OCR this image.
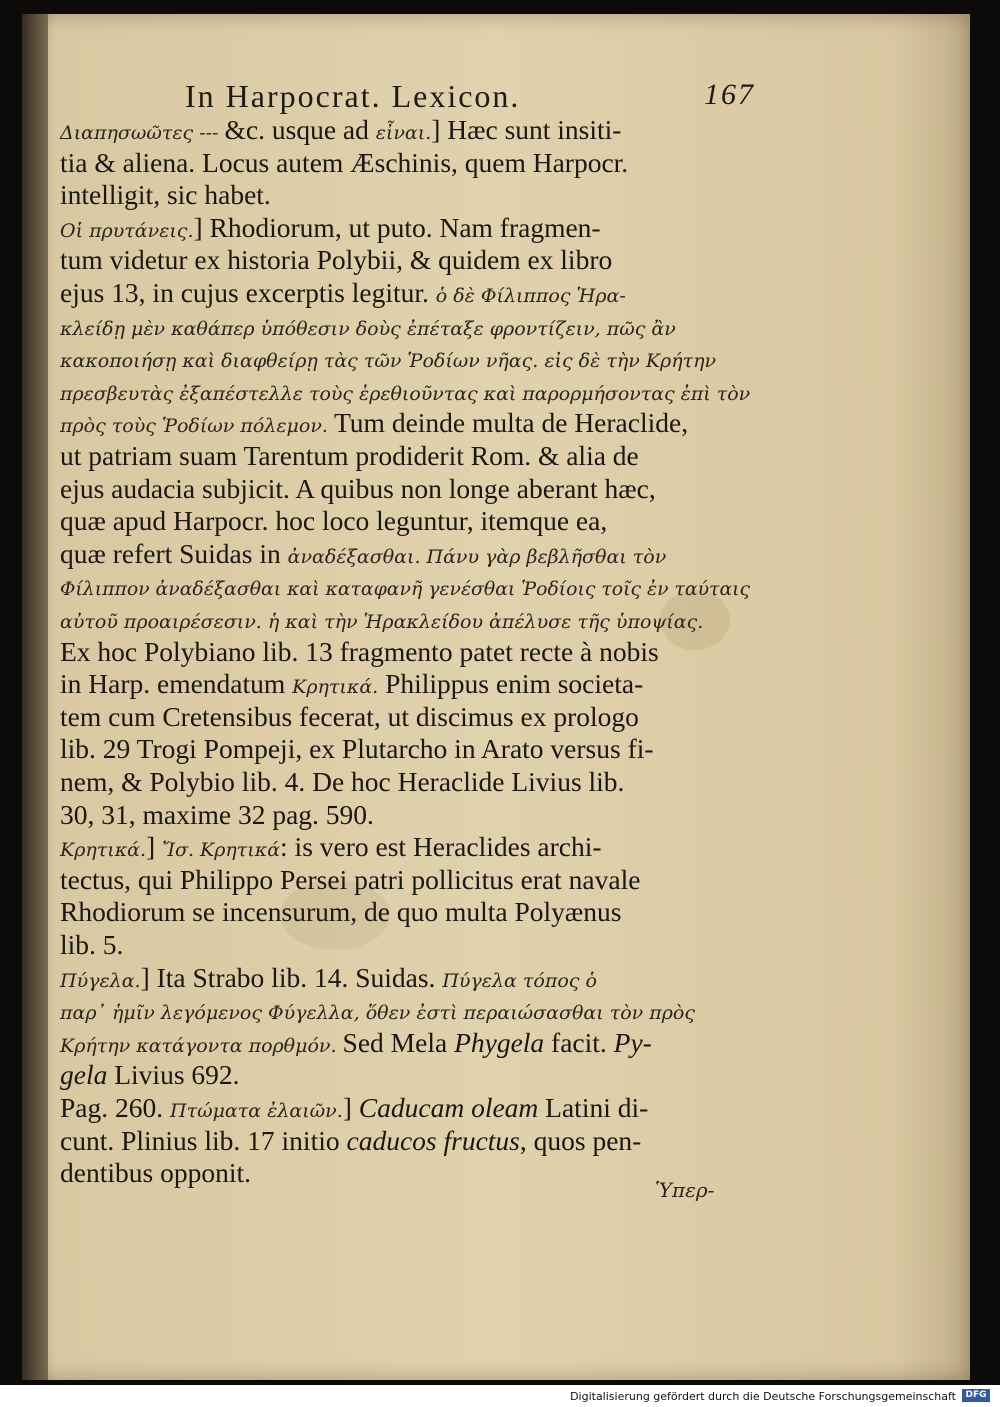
In Harpocrat. Lexicon.	167
Διαπησωῶτες --- &c. usque ad εἶναι.] Hæc sunt insiti-
tia & aliena. Locus autem Æschinis, quem Harpocr.
intelligit, sic habet.
Οἱ πρυτάνεις.] Rhodiorum, ut puto. Nam fragmen-
tum videtur ex historia Polybii, & quidem ex libro
ejus 13, in cujus excerptis legitur. ὁ δὲ Φίλιππος Ἡρα-
κλείδῃ μὲν καθάπερ ὑπόθεσιν δοὺς ἐπέταξε φροντίζειν, πῶς ἂν
κακοποιήσῃ καὶ διαφθείρῃ τὰς τῶν Ῥοδίων νῆας. εἰς δὲ τὴν Κρήτην
πρεσβευτὰς ἐξαπέστελλε τοὺς ἐρεθιοῦντας καὶ παρορμήσοντας ἐπὶ τὸν
πρὸς τοὺς Ῥοδίων πόλεμον. Tum deinde multa de Heraclide,
ut patriam suam Tarentum prodiderit Rom. & alia de
ejus audacia subjicit. A quibus non longe aberant hæc,
quæ apud Harpocr. hoc loco leguntur, itemque ea,
quæ refert Suidas in ἀναδέξασθαι. Πάνυ γὰρ βεβλῆσθαι τὸν
Φίλιππον ἀναδέξασθαι καὶ καταφανῆ γενέσθαι Ῥοδίοις τοῖς ἐν ταύταις
αὐτοῦ προαιρέσεσιν. ἡ καὶ τὴν Ἡρακλείδου ἀπέλυσε τῆς ὑποψίας.
Ex hoc Polybiano lib. 13 fragmento patet recte à nobis
in Harp. emendatum Κρητικά. Philippus enim societa-
tem cum Cretensibus fecerat, ut discimus ex prologo
lib. 29 Trogi Pompeji, ex Plutarcho in Arato versus fi-
nem, & Polybio lib. 4. De hoc Heraclide Livius lib.
30, 31, maxime 32 pag. 590.
Κρητικά.] Ἴσ. Κρητικά: is vero est Heraclides archi-
tectus, qui Philippo Persei patri pollicitus erat navale
Rhodiorum se incensurum, de quo multa Polyænus
lib. 5.
Πύγελα.] Ita Strabo lib. 14. Suidas. Πύγελα τόπος ὁ
παρ᾽ ἡμῖν λεγόμενος Φύγελλα, ὅθεν ἐστὶ περαιώσασθαι τὸν πρὸς
Κρήτην κατάγοντα πορθμόν. Sed Mela Phygela facit. Py-
gela Livius 692.
Pag. 260. Πτώματα ἐλαιῶν.] Caducam oleam Latini di-
cunt. Plinius lib. 17 initio caducos fructus, quos pen-
dentibus opponit.
Ὑπερ-
Digitalisierung gefördert durch die Deutsche Forschungsgemeinschaft	DFG
